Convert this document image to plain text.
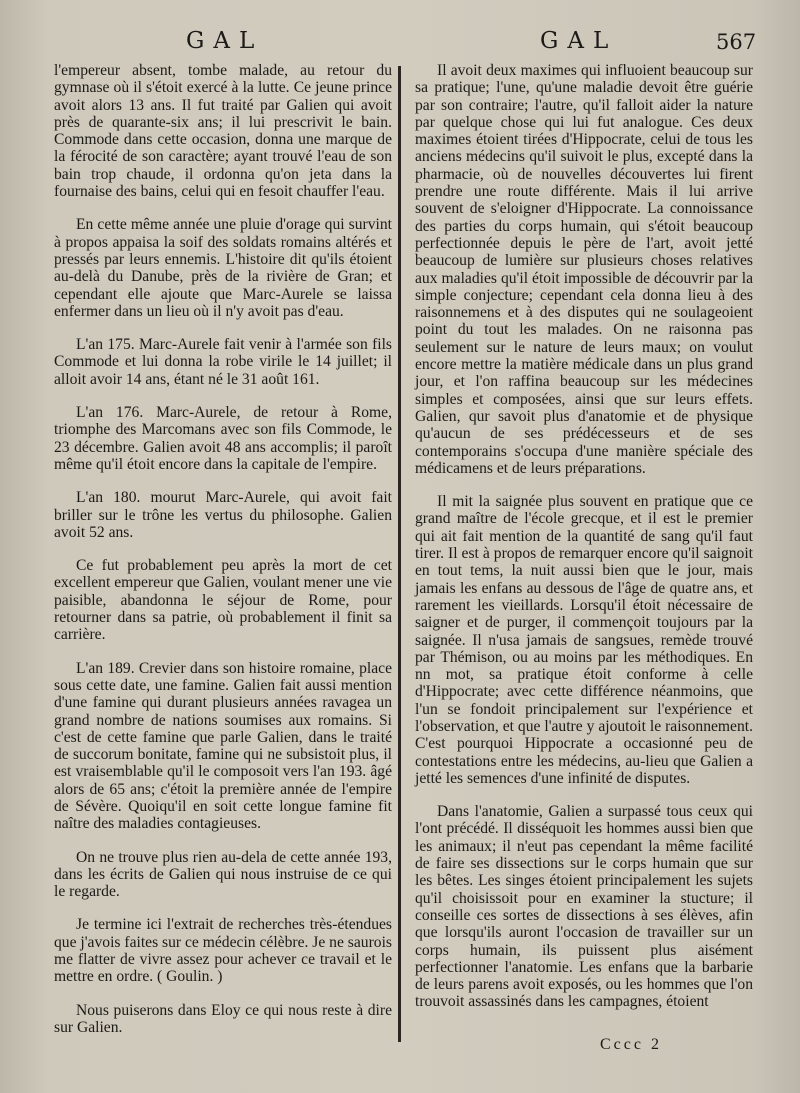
GAL	GAL	567

l'empereur absent, tombe malade, au retour du gymnase où il s'étoit exercé à la lutte. Ce jeune prince avoit alors 13 ans. Il fut traité par Galien qui avoit près de quarante-six ans; il lui prescrivit le bain. Commode dans cette occasion, donna une marque de la férocité de son caractère; ayant trouvé l'eau de son bain trop chaude, il ordonna qu'on jeta dans la fournaise des bains, celui qui en fesoit chauffer l'eau.

En cette même année une pluie d'orage qui survint à propos appaisa la soif des soldats romains altérés et pressés par leurs ennemis. L'histoire dit qu'ils étoient au-delà du Danube, près de la rivière de Gran; et cependant elle ajoute que Marc-Aurele se laissa enfermer dans un lieu où il n'y avoit pas d'eau.

L'an 175. Marc-Aurele fait venir à l'armée son fils Commode et lui donna la robe virile le 14 juillet; il alloit avoir 14 ans, étant né le 31 août 161.

L'an 176. Marc-Aurele, de retour à Rome, triomphe des Marcomans avec son fils Commode, le 23 décembre. Galien avoit 48 ans accomplis; il paroît même qu'il étoit encore dans la capitale de l'empire.

L'an 180. mourut Marc-Aurele, qui avoit fait briller sur le trône les vertus du philosophe. Galien avoit 52 ans.

Ce fut probablement peu après la mort de cet excellent empereur que Galien, voulant mener une vie paisible, abandonna le séjour de Rome, pour retourner dans sa patrie, où probablement il finit sa carrière.

L'an 189. Crevier dans son histoire romaine, place sous cette date, une famine. Galien fait aussi mention d'une famine qui durant plusieurs années ravagea un grand nombre de nations soumises aux romains. Si c'est de cette famine que parle Galien, dans le traité de succorum bonitate, famine qui ne subsistoit plus, il est vraisemblable qu'il le composoit vers l'an 193. âgé alors de 65 ans; c'étoit la première année de l'empire de Sévère. Quoiqu'il en soit cette longue famine fit naître des maladies contagieuses.

On ne trouve plus rien au-dela de cette année 193, dans les écrits de Galien qui nous instruise de ce qui le regarde.

Je termine ici l'extrait de recherches très-étendues que j'avois faites sur ce médecin célèbre. Je ne saurois me flatter de vivre assez pour achever ce travail et le mettre en ordre. ( Goulin. )

Nous puiserons dans Eloy ce qui nous reste à dire sur Galien.

Il avoit deux maximes qui influoient beaucoup sur sa pratique; l'une, qu'une maladie devoit être guérie par son contraire; l'autre, qu'il falloit aider la nature par quelque chose qui lui fut analogue. Ces deux maximes étoient tirées d'Hippocrate, celui de tous les anciens médecins qu'il suivoit le plus, excepté dans la pharmacie, où de nouvelles découvertes lui firent prendre une route différente. Mais il lui arrive souvent de s'eloigner d'Hippocrate. La connoissance des parties du corps humain, qui s'étoit beaucoup perfectionnée depuis le père de l'art, avoit jetté beaucoup de lumière sur plusieurs choses relatives aux maladies qu'il étoit impossible de découvrir par la simple conjecture; cependant cela donna lieu à des raisonnemens et à des disputes qui ne soulageoient point du tout les malades. On ne raisonna pas seulement sur le nature de leurs maux; on voulut encore mettre la matière médicale dans un plus grand jour, et l'on raffina beaucoup sur les médecines simples et composées, ainsi que sur leurs effets. Galien, qur savoit plus d'anatomie et de physique qu'aucun de ses prédécesseurs et de ses contemporains s'occupa d'une manière spéciale des médicamens et de leurs préparations.

Il mit la saignée plus souvent en pratique que ce grand maître de l'école grecque, et il est le premier qui ait fait mention de la quantité de sang qu'il faut tirer. Il est à propos de remarquer encore qu'il saignoit en tout tems, la nuit aussi bien que le jour, mais jamais les enfans au dessous de l'âge de quatre ans, et rarement les vieillards. Lorsqu'il étoit nécessaire de saigner et de purger, il commençoit toujours par la saignée. Il n'usa jamais de sangsues, remède trouvé par Thémison, ou au moins par les méthodiques. En nn mot, sa pratique étoit conforme à celle d'Hippocrate; avec cette différence néanmoins, que l'un se fondoit principalement sur l'expérience et l'observation, et que l'autre y ajoutoit le raisonnement. C'est pourquoi Hippocrate a occasionné peu de contestations entre les médecins, au-lieu que Galien a jetté les semences d'une infinité de disputes.

Dans l'anatomie, Galien a surpassé tous ceux qui l'ont précédé. Il disséquoit les hommes aussi bien que les animaux; il n'eut pas cependant la même facilité de faire ses dissections sur le corps humain que sur les bêtes. Les singes étoient principalement les sujets qu'il choisissoit pour en examiner la stucture; il conseille ces sortes de dissections à ses élèves, afin que lorsqu'ils auront l'occasion de travailler sur un corps humain, ils puissent plus aisément perfectionner l'anatomie. Les enfans que la barbarie de leurs parens avoit exposés, ou les hommes que l'on trouvoit assassinés dans les campagnes, étoient

Cccc 2
